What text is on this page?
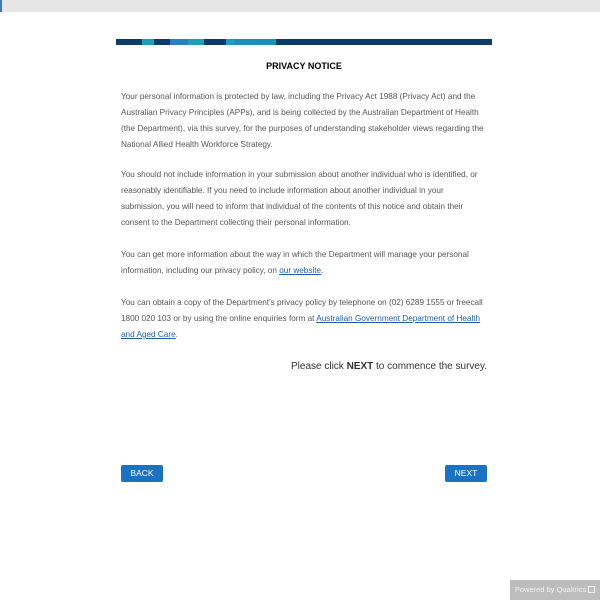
PRIVACY NOTICE

Your personal information is protected by law, including the Privacy Act 1988 (Privacy Act) and the Australian Privacy Principles (APPs), and is being collected by the Australian Department of Health (the Department), via this survey, for the purposes of understanding stakeholder views regarding the National Allied Health Workforce Strategy.

You should not include information in your submission about another individual who is identified, or reasonably identifiable. If you need to include information about another individual in your submission, you will need to inform that individual of the contents of this notice and obtain their consent to the Department collecting their personal information.

You can get more information about the way in which the Department will manage your personal information, including our privacy policy, on our website.

You can obtain a copy of the Department's privacy policy by telephone on (02) 6289 1555 or freecall 1800 020 103 or by using the online enquiries form at Australian Government Department of Health and Aged Care.

Please click NEXT to commence the survey.
BACK	NEXT
Powered by Qualtrics
